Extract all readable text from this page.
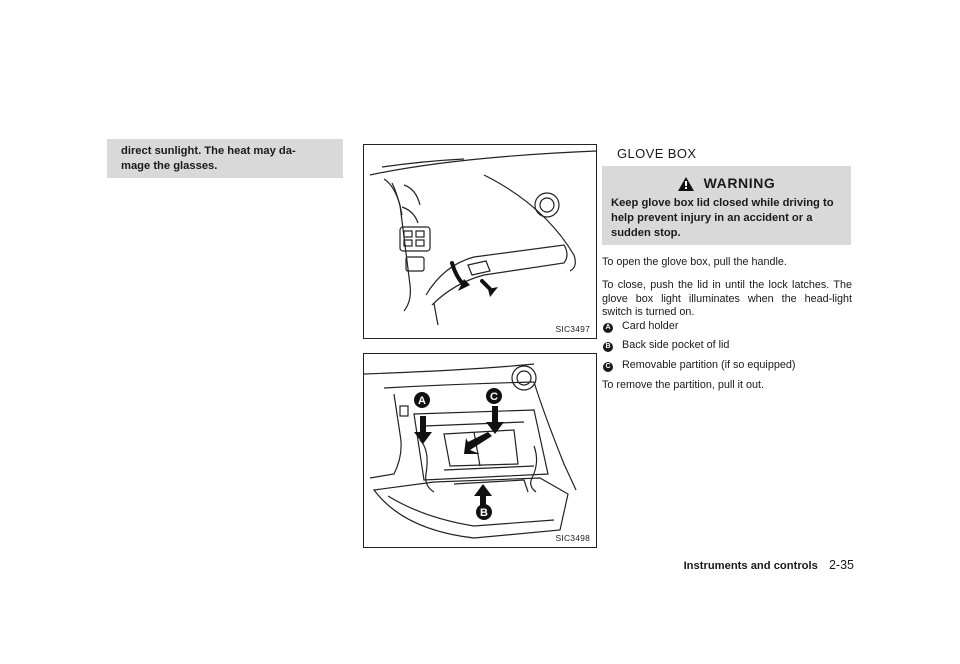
direct sunlight. The heat may da-
mage the glasses.
SIC3497
A	C
B
SIC3498
GLOVE BOX
WARNING
Keep glove box lid closed while driving to help prevent injury in an accident or a sudden stop.
To open the glove box, pull the handle.
To close, push the lid in until the lock latches. The glove box light illuminates when the head-light switch is turned on.
A Card holder
B Back side pocket of lid
C Removable partition (if so equipped)
To remove the partition, pull it out.
Instruments and controls 2-35
